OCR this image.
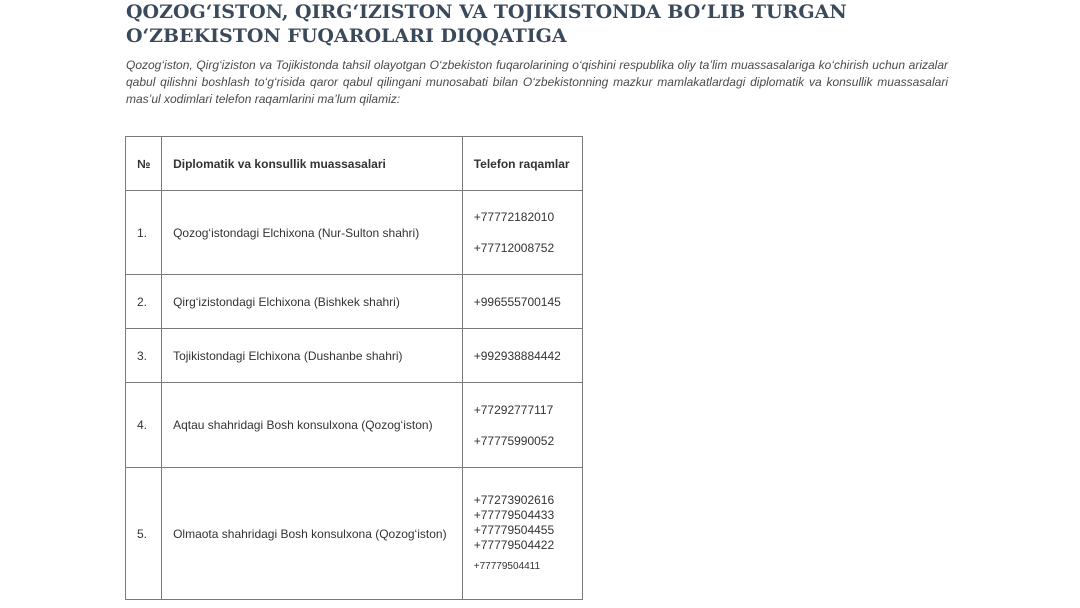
QOZOG‘ISTON, QIRG‘IZISTON VA TOJIKISTONDA BO‘LIB TURGAN O‘ZBEKISTON FUQAROLARI DIQQATIGA

Qozog‘iston, Qirg‘iziston va Tojikistonda tahsil olayotgan O‘zbekiston fuqarolarining o‘qishini respublika oliy ta’lim muassasalariga ko‘chirish uchun arizalar qabul qilishni boshlash to‘g‘risida qaror qabul qilingani munosabati bilan O‘zbekistonning mazkur mamlakatlardagi diplomatik va konsullik muassasalari mas’ul xodimlari telefon raqamlarini ma’lum qilamiz:

№	Diplomatik va konsullik muassasalari	Telefon raqamlar
1.	Qozog‘istondagi Elchixona (Nur-Sulton shahri)	+77772182010
+77712008752

2.	Qirg‘izistondagi Elchixona (Bishkek shahri)	+996555700145

3.	Tojikistondagi Elchixona (Dushanbe shahri)	+992938884442

4.	Aqtau shahridagi Bosh konsulxona (Qozog‘iston)	+77292777117
+77775990052

5.	Olmaota shahridagi Bosh konsulxona (Qozog‘iston)	+77273902616
+77779504433
+77779504455
+77779504422
+77779504411
